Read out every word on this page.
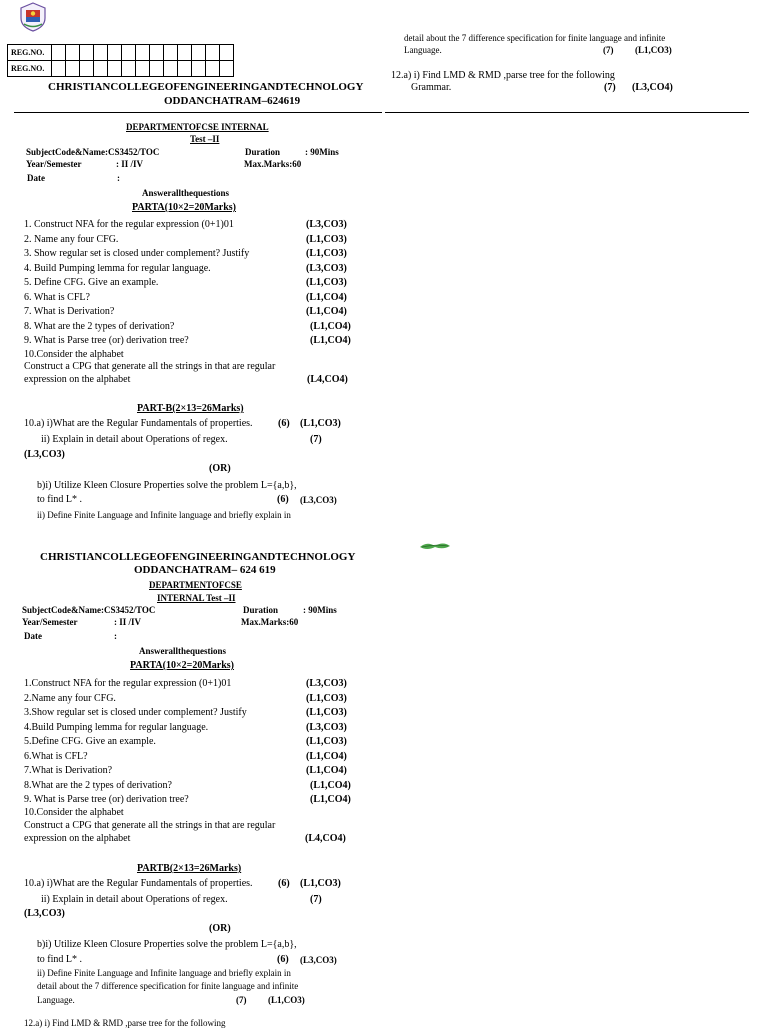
REG.NO.													
REG.NO.													
detail about the 7 difference specification for finite language and infinite
Language.	(7) (L1,CO3)
12.a) i) Find LMD & RMD ,parse tree for the following
Grammar.	(7) (L3,CO4)
CHRISTIANCOLLEGEOFENGINEERINGANDTECHNOLOGY
ODDANCHATRAM–624619
DEPARTMENTOFCSE INTERNAL
Test –II
SubjectCode&Name:CS3452/TOC	Duration	: 90Mins
Year/Semester	: II /IV	Max.Marks:60
Date	:
Answerallthequestions
PARTA(10×2=20Marks)
1. Construct NFA for the regular expression (0+1)01	(L3,CO3)
2. Name any four CFG.	(L1,CO3)
3. Show regular set is closed under complement? Justify	(L1,CO3)
4. Build Pumping lemma for regular language.	(L3,CO3)
5. Define CFG. Give an example.	(L1,CO3)
6. What is CFL?	(L1,CO4)
7. What is Derivation?	(L1,CO4)
8. What are the 2 types of derivation?	(L1,CO4)
9. What is Parse tree (or) derivation tree?	(L1,CO4)
10.Consider the alphabet
Construct a CPG that generate all the strings in that are regular
expression on the alphabet	(L4,CO4)
PART-B(2×13=26Marks)
10.a) i)What are the Regular Fundamentals of properties.	(6) (L1,CO3)
ii) Explain in detail about Operations of regex.	(7)
(L3,CO3)
(OR)
b)i) Utilize Kleen Closure Properties solve the problem L={a,b},
to find L* .	(6) (L3,CO3)
ii) Define Finite Language and Infinite language and briefly explain in
CHRISTIANCOLLEGEOFENGINEERINGANDTECHNOLOGY
ODDANCHATRAM– 624 619
DEPARTMENTOFCSE
INTERNAL Test –II
SubjectCode&Name:CS3452/TOC	Duration	: 90Mins
Year/Semester	: II /IV	Max.Marks:60
Date	:
Answerallthequestions
PARTA(10×2=20Marks)
1.Construct NFA for the regular expression (0+1)01	(L3,CO3)
2.Name any four CFG.	(L1,CO3)
3.Show regular set is closed under complement? Justify	(L1,CO3)
4.Build Pumping lemma for regular language.	(L3,CO3)
5.Define CFG. Give an example.	(L1,CO3)
6.What is CFL?	(L1,CO4)
7.What is Derivation?	(L1,CO4)
8.What are the 2 types of derivation?	(L1,CO4)
9. What is Parse tree (or) derivation tree?	(L1,CO4)
10.Consider the alphabet
Construct a CPG that generate all the strings in that are regular
expression on the alphabet	(L4,CO4)
PARTB(2×13=26Marks)
10.a) i)What are the Regular Fundamentals of properties.	(6) (L1,CO3)
ii) Explain in detail about Operations of regex.	(7)
(L3,CO3)
(OR)
b)i) Utilize Kleen Closure Properties solve the problem L={a,b},
to find L* .	(6) (L3,CO3)
ii) Define Finite Language and Infinite language and briefly explain in
detail about the 7 difference specification for finite language and infinite
Language.	(7) (L1,CO3)
12.a) i) Find LMD & RMD ,parse tree for the following
